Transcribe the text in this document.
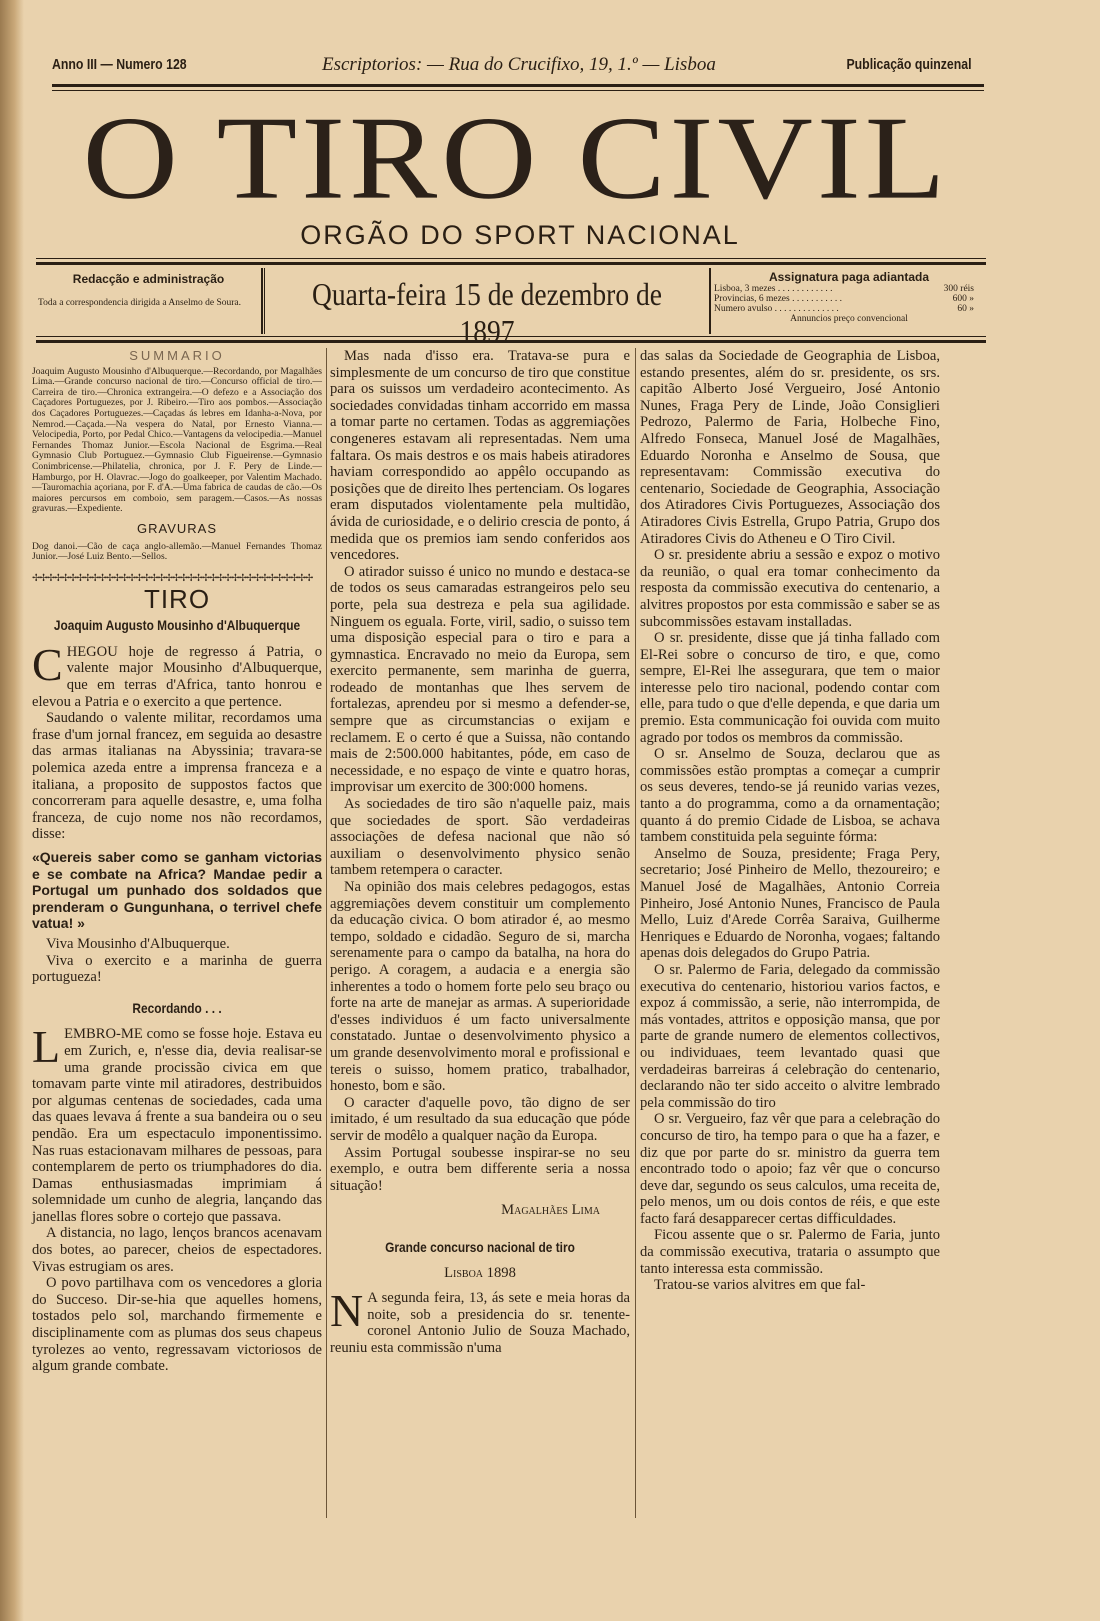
Anno III — Numero 128	Escriptorios: — Rua do Crucifixo, 19, 1.º — Lisboa	Publicação quinzenal
O TIRO CIVIL
ORGÃO DO SPORT NACIONAL
Redacção e administração
Toda a correspondencia dirigida a Anselmo de Soura.	Quarta-feira 15 de dezembro de 1897
Assignatura paga adiantada
Lisboa, 3 mezes . . . . . . . . . . . .	300 réis
Provincias, 6 mezes . . . . . . . . . . .	600 »
Numero avulso . . . . . . . . . . . . . .	60 »
Annuncios preço convencional
SUMMARIO
Joaquim Augusto Mousinho d'Albuquerque.—Recordando, por Magalhães Lima.—Grande concurso nacional de tiro.—Concurso official de tiro.—Carreira de tiro.—Chronica extrangeira.—O defezo e a Associação dos Caçadores Portuguezes, por J. Ribeiro.—Tiro aos pombos.—Associação dos Caçadores Portuguezes.—Caçadas ás lebres em Idanha-a-Nova, por Nemrod.—Caçada.—Na vespera do Natal, por Ernesto Vianna.—Velocipedia, Porto, por Pedal Chico.—Vantagens da velocipedia.—Manuel Fernandes Thomaz Junior.—Escola Nacional de Esgrima.—Real Gymnasio Club Portuguez.—Gymnasio Club Figueirense.—Gymnasio Conimbricense.—Philatelia, chronica, por J. F. Pery de Linde.—Hamburgo, por H. Olavrac.—Jogo do goalkeeper, por Valentim Machado.—Tauromachia açoriana, por F. d'A.—Uma fabrica de caudas de cão.—Os maiores percursos em comboio, sem paragem.—Casos.—As nossas gravuras.—Expediente.
GRAVURAS
Dog danoi.—Cão de caça anglo-allemão.—Manuel Fernandes Thomaz Junior.—José Luiz Bento.—Sellos.
✢✢✢✢✢✢✢✢✢✢✢✢✢✢✢✢✢✢✢✢✢✢✢✢✢✢✢✢✢✢✢✢✢✢✢✢✢✢
TIRO
Joaquim Augusto Mousinho d'Albuquerque

CHEGOU hoje de regresso á Patria, o valente major Mousinho d'Albuquerque, que em terras d'Africa, tanto honrou e elevou a Patria e o exercito a que pertence.

Saudando o valente militar, recordamos uma frase d'um jornal francez, em seguida ao desastre das armas italianas na Abyssinia; travara-se polemica azeda entre a imprensa franceza e a italiana, a proposito de suppostos factos que concorreram para aquelle desastre, e, uma folha franceza, de cujo nome nos não recordamos, disse:

«Quereis saber como se ganham victorias e se combate na Africa? Mandae pedir a Portugal um punhado dos soldados que prenderam o Gungunhana, o terrivel chefe vatua! »

Viva Mousinho d'Albuquerque.

Viva o exercito e a marinha de guerra portugueza!

Recordando . . .

LEMBRO-ME como se fosse hoje. Estava eu em Zurich, e, n'esse dia, devia realisar-se uma grande procissão civica em que tomavam parte vinte mil atiradores, destribuidos por algumas centenas de sociedades, cada uma das quaes levava á frente a sua bandeira ou o seu pendão. Era um espectaculo imponentissimo. Nas ruas estacionavam milhares de pessoas, para contemplarem de perto os triumphadores do dia. Damas enthusiasmadas imprimiam á solemnidade um cunho de alegria, lançando das janellas flores sobre o cortejo que passava.

A distancia, no lago, lenços brancos acenavam dos botes, ao parecer, cheios de espectadores. Vivas estrugiam os ares.

O povo partilhava com os vencedores a gloria do Succeso. Dir-se-hia que aquelles homens, tostados pelo sol, marchando firmemente e disciplinamente com as plumas dos seus chapeus tyrolezes ao vento, regressavam victoriosos de algum grande combate.

Mas nada d'isso era. Tratava-se pura e simplesmente de um concurso de tiro que constitue para os suissos um verdadeiro acontecimento. As sociedades convidadas tinham accorrido em massa a tomar parte no certamen. Todas as aggremiações congeneres estavam ali representadas. Nem uma faltara. Os mais destros e os mais habeis atiradores haviam correspondido ao appêlo occupando as posições que de direito lhes pertenciam. Os logares eram disputados violentamente pela multidão, ávida de curiosidade, e o delirio crescia de ponto, á medida que os premios iam sendo conferidos aos vencedores.

O atirador suisso é unico no mundo e destaca-se de todos os seus camaradas estrangeiros pelo seu porte, pela sua destreza e pela sua agilidade. Ninguem os eguala. Forte, viril, sadio, o suisso tem uma disposição especial para o tiro e para a gymnastica. Encravado no meio da Europa, sem exercito permanente, sem marinha de guerra, rodeado de montanhas que lhes servem de fortalezas, aprendeu por si mesmo a defender-se, sempre que as circumstancias o exijam e reclamem. E o certo é que a Suissa, não contando mais de 2:500.000 habitantes, póde, em caso de necessidade, e no espaço de vinte e quatro horas, improvisar um exercito de 300:000 homens.

As sociedades de tiro são n'aquelle paiz, mais que sociedades de sport. São verdadeiras associações de defesa nacional que não só auxiliam o desenvolvimento physico senão tambem retempera o caracter.

Na opinião dos mais celebres pedagogos, estas aggremiações devem constituir um complemento da educação civica. O bom atirador é, ao mesmo tempo, soldado e cidadão. Seguro de si, marcha serenamente para o campo da batalha, na hora do perigo. A coragem, a audacia e a energia são inherentes a todo o homem forte pelo seu braço ou forte na arte de manejar as armas. A superioridade d'esses individuos é um facto universalmente constatado. Juntae o desenvolvimento physico a um grande desenvolvimento moral e profissional e tereis o suisso, homem pratico, trabalhador, honesto, bom e são.

O caracter d'aquelle povo, tão digno de ser imitado, é um resultado da sua educação que póde servir de modêlo a qualquer nação da Europa.

Assim Portugal soubesse inspirar-se no seu exemplo, e outra bem differente seria a nossa situação!

Magalhães Lima
Grande concurso nacional de tiro
Lisboa 1898

N A segunda feira, 13, ás sete e meia horas da noite, sob a presidencia do sr. tenente-coronel Antonio Julio de Souza Machado, reuniu esta commissão n'uma

das salas da Sociedade de Geographia de Lisboa, estando presentes, além do sr. presidente, os srs. capitão Alberto José Vergueiro, José Antonio Nunes, Fraga Pery de Linde, João Consiglieri Pedrozo, Palermo de Faria, Holbeche Fino, Alfredo Fonseca, Manuel José de Magalhães, Eduardo Noronha e Anselmo de Sousa, que representavam: Commissão executiva do centenario, Sociedade de Geographia, Associação dos Atiradores Civis Portuguezes, Associação dos Atiradores Civis Estrella, Grupo Patria, Grupo dos Atiradores Civis do Atheneu e O Tiro Civil.

O sr. presidente abriu a sessão e expoz o motivo da reunião, o qual era tomar conhecimento da resposta da commissão executiva do centenario, a alvitres propostos por esta commissão e saber se as subcommissões estavam installadas.

O sr. presidente, disse que já tinha fallado com El-Rei sobre o concurso de tiro, e que, como sempre, El-Rei lhe assegurara, que tem o maior interesse pelo tiro nacional, podendo contar com elle, para tudo o que d'elle dependa, e que daria um premio. Esta communicação foi ouvida com muito agrado por todos os membros da commissão.

O sr. Anselmo de Souza, declarou que as commissões estão promptas a começar a cumprir os seus deveres, tendo-se já reunido varias vezes, tanto a do programma, como a da ornamentação; quanto á do premio Cidade de Lisboa, se achava tambem constituida pela seguinte fórma:

Anselmo de Souza, presidente; Fraga Pery, secretario; José Pinheiro de Mello, thezoureiro; e Manuel José de Magalhães, Antonio Correia Pinheiro, José Antonio Nunes, Francisco de Paula Mello, Luiz d'Arede Corrêa Saraiva, Guilherme Henriques e Eduardo de Noronha, vogaes; faltando apenas dois delegados do Grupo Patria.

O sr. Palermo de Faria, delegado da commissão executiva do centenario, historiou varios factos, e expoz á commissão, a serie, não interrompida, de más vontades, attritos e opposição mansa, que por parte de grande numero de elementos collectivos, ou individuaes, teem levantado quasi que verdadeiras barreiras á celebração do centenario, declarando não ter sido acceito o alvitre lembrado pela commissão do tiro

O sr. Vergueiro, faz vêr que para a celebração do concurso de tiro, ha tempo para o que ha a fazer, e diz que por parte do sr. ministro da guerra tem encontrado todo o apoio; faz vêr que o concurso deve dar, segundo os seus calculos, uma receita de, pelo menos, um ou dois contos de réis, e que este facto fará desapparecer certas difficuldades.

Ficou assente que o sr. Palermo de Faria, junto da commissão executiva, trataria o assumpto que tanto interessa esta commissão.

Tratou-se varios alvitres em que fal-
